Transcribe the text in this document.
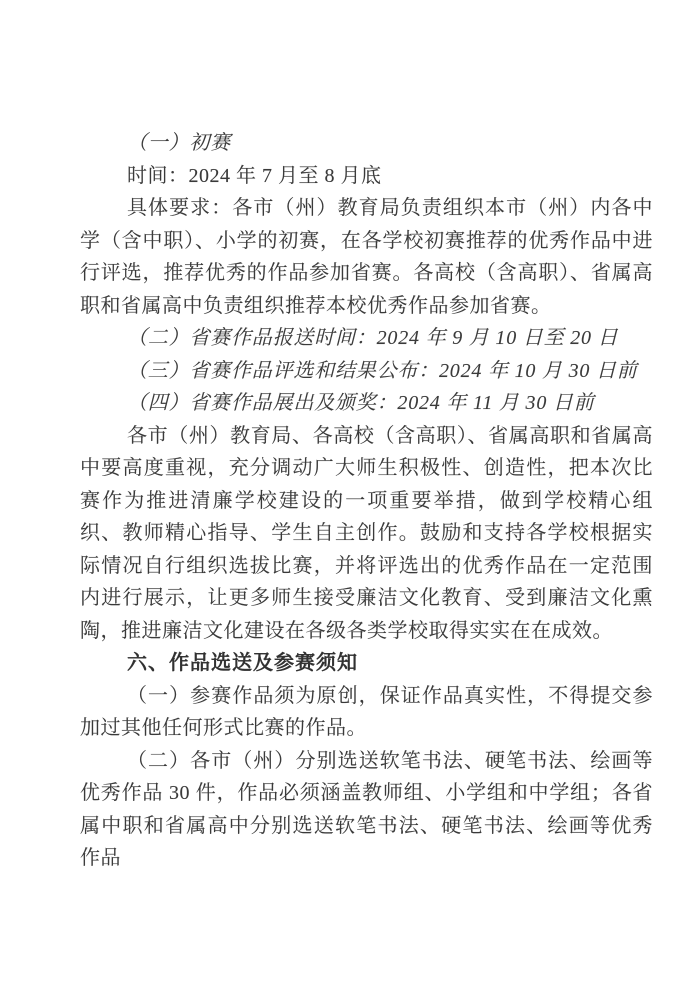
（一）初赛

时间：2024 年 7 月至 8 月底

具体要求：各市（州）教育局负责组织本市（州）内各中学（含中职）、小学的初赛，在各学校初赛推荐的优秀作品中进行评选，推荐优秀的作品参加省赛。各高校（含高职）、省属高职和省属高中负责组织推荐本校优秀作品参加省赛。

（二）省赛作品报送时间：2024 年 9 月 10 日至 20 日

（三）省赛作品评选和结果公布：2024 年 10 月 30 日前

（四）省赛作品展出及颁奖：2024 年 11 月 30 日前

各市（州）教育局、各高校（含高职）、省属高职和省属高中要高度重视，充分调动广大师生积极性、创造性，把本次比赛作为推进清廉学校建设的一项重要举措，做到学校精心组织、教师精心指导、学生自主创作。鼓励和支持各学校根据实际情况自行组织选拔比赛，并将评选出的优秀作品在一定范围内进行展示，让更多师生接受廉洁文化教育、受到廉洁文化熏陶，推进廉洁文化建设在各级各类学校取得实实在在成效。

六、作品选送及参赛须知

（一）参赛作品须为原创，保证作品真实性，不得提交参加过其他任何形式比赛的作品。

（二）各市（州）分别选送软笔书法、硬笔书法、绘画等优秀作品 30 件，作品必须涵盖教师组、小学组和中学组；各省属中职和省属高中分别选送软笔书法、硬笔书法、绘画等优秀作品
